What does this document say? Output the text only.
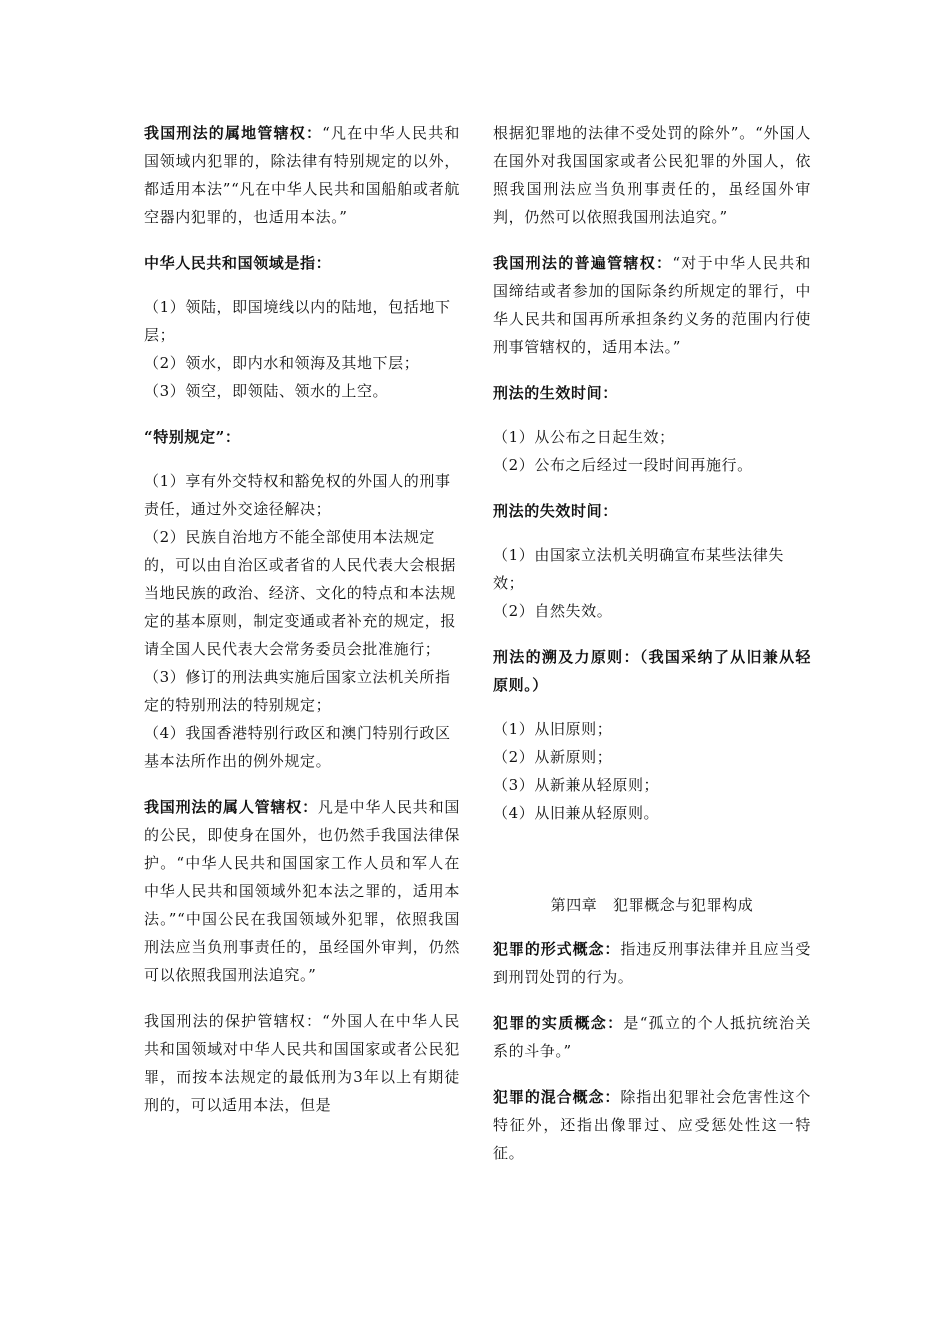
我国刑法的属地管辖权：“凡在中华人民共和国领域内犯罪的，除法律有特别规定的以外，都适用本法”“凡在中华人民共和国船舶或者航空器内犯罪的，也适用本法。”

中华人民共和国领域是指：

（1）领陆，即国境线以内的陆地，包括地下层；
（2）领水，即内水和领海及其地下层；
（3）领空，即领陆、领水的上空。

“特别规定”：

（1）享有外交特权和豁免权的外国人的刑事责任，通过外交途径解决；
（2）民族自治地方不能全部使用本法规定的，可以由自治区或者省的人民代表大会根据当地民族的政治、经济、文化的特点和本法规定的基本原则，制定变通或者补充的规定，报请全国人民代表大会常务委员会批准施行；
（3）修订的刑法典实施后国家立法机关所指定的特别刑法的特别规定；
（4）我国香港特别行政区和澳门特别行政区基本法所作出的例外规定。

我国刑法的属人管辖权：凡是中华人民共和国的公民，即使身在国外，也仍然手我国法律保护。“中华人民共和国国家工作人员和军人在中华人民共和国领域外犯本法之罪的，适用本法。”“中国公民在我国领域外犯罪，依照我国刑法应当负刑事责任的，虽经国外审判，仍然可以依照我国刑法追究。”

我国刑法的保护管辖权：“外国人在中华人民共和国领域对中华人民共和国国家或者公民犯罪，而按本法规定的最低刑为3年以上有期徒刑的，可以适用本法，但是

根据犯罪地的法律不受处罚的除外”。“外国人在国外对我国国家或者公民犯罪的外国人，依照我国刑法应当负刑事责任的，虽经国外审判，仍然可以依照我国刑法追究。”

我国刑法的普遍管辖权：“对于中华人民共和国缔结或者参加的国际条约所规定的罪行，中华人民共和国再所承担条约义务的范围内行使刑事管辖权的，适用本法。”

刑法的生效时间：

（1）从公布之日起生效；
（2）公布之后经过一段时间再施行。

刑法的失效时间：

（1）由国家立法机关明确宣布某些法律失效；
（2）自然失效。

刑法的溯及力原则：（我国采纳了从旧兼从轻原则。）

（1）从旧原则；
（2）从新原则；
（3）从新兼从轻原则；
（4）从旧兼从轻原则。

第四章　犯罪概念与犯罪构成

犯罪的形式概念：指违反刑事法律并且应当受到刑罚处罚的行为。

犯罪的实质概念：是“孤立的个人抵抗统治关系的斗争。”

犯罪的混合概念：除指出犯罪社会危害性这个特征外，还指出像罪过、应受惩处性这一特征。
